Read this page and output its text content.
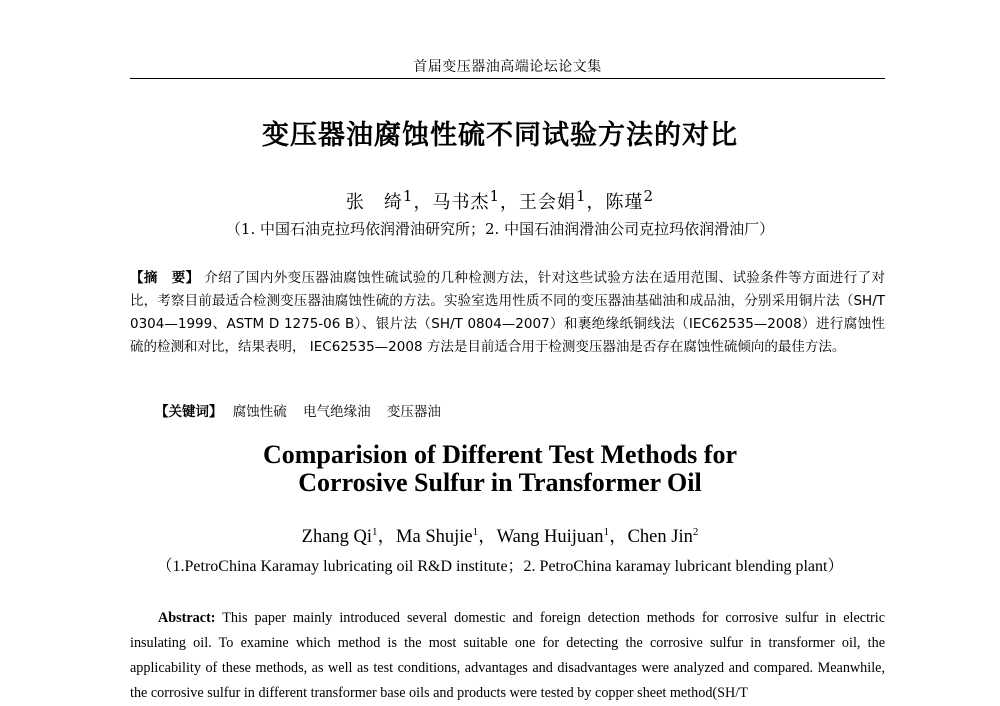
首届变压器油高端论坛论文集
变压器油腐蚀性硫不同试验方法的对比
张　绮$^1$，马书杰$^1$，王会娟$^1$，陈瑾$^2$
（1. 中国石油克拉玛依润滑油研究所；2. 中国石油润滑油公司克拉玛依润滑油厂）
【摘　要】 介绍了国内外变压器油腐蚀性硫试验的几种检测方法，针对这些试验方法在适用范围、试验条件等方面进行了对比，考察目前最适合检测变压器油腐蚀性硫的方法。实验室选用性质不同的变压器油基础油和成品油，分别采用铜片法（SH/T 0304—1999、ASTM D 1275-06 B）、银片法（SH/T 0804—2007）和裹绝缘纸铜线法（IEC62535—2008）进行腐蚀性硫的检测和对比，结果表明， IEC62535—2008 方法是目前适合用于检测变压器油是否存在腐蚀性硫倾向的最佳方法。
【关键词】 腐蚀性硫 电气绝缘油 变压器油
Comparision of Different Test Methods for
Corrosive Sulfur in Transformer Oil
Zhang Qi$^1$，Ma Shujie$^1$，Wang Huijuan$^1$，Chen Jin$^2$
（1.PetroChina Karamay lubricating oil R&D institute；2. PetroChina karamay lubricant blending plant）
Abstract: This paper mainly introduced several domestic and foreign detection methods for corrosive sulfur in electric insulating oil. To examine which method is the most suitable one for detecting the corrosive sulfur in transformer oil, the applicability of these methods, as well as test conditions, advantages and disadvantages were analyzed and compared. Meanwhile, the corrosive sulfur in different transformer base oils and products were tested by copper sheet method(SH/T
